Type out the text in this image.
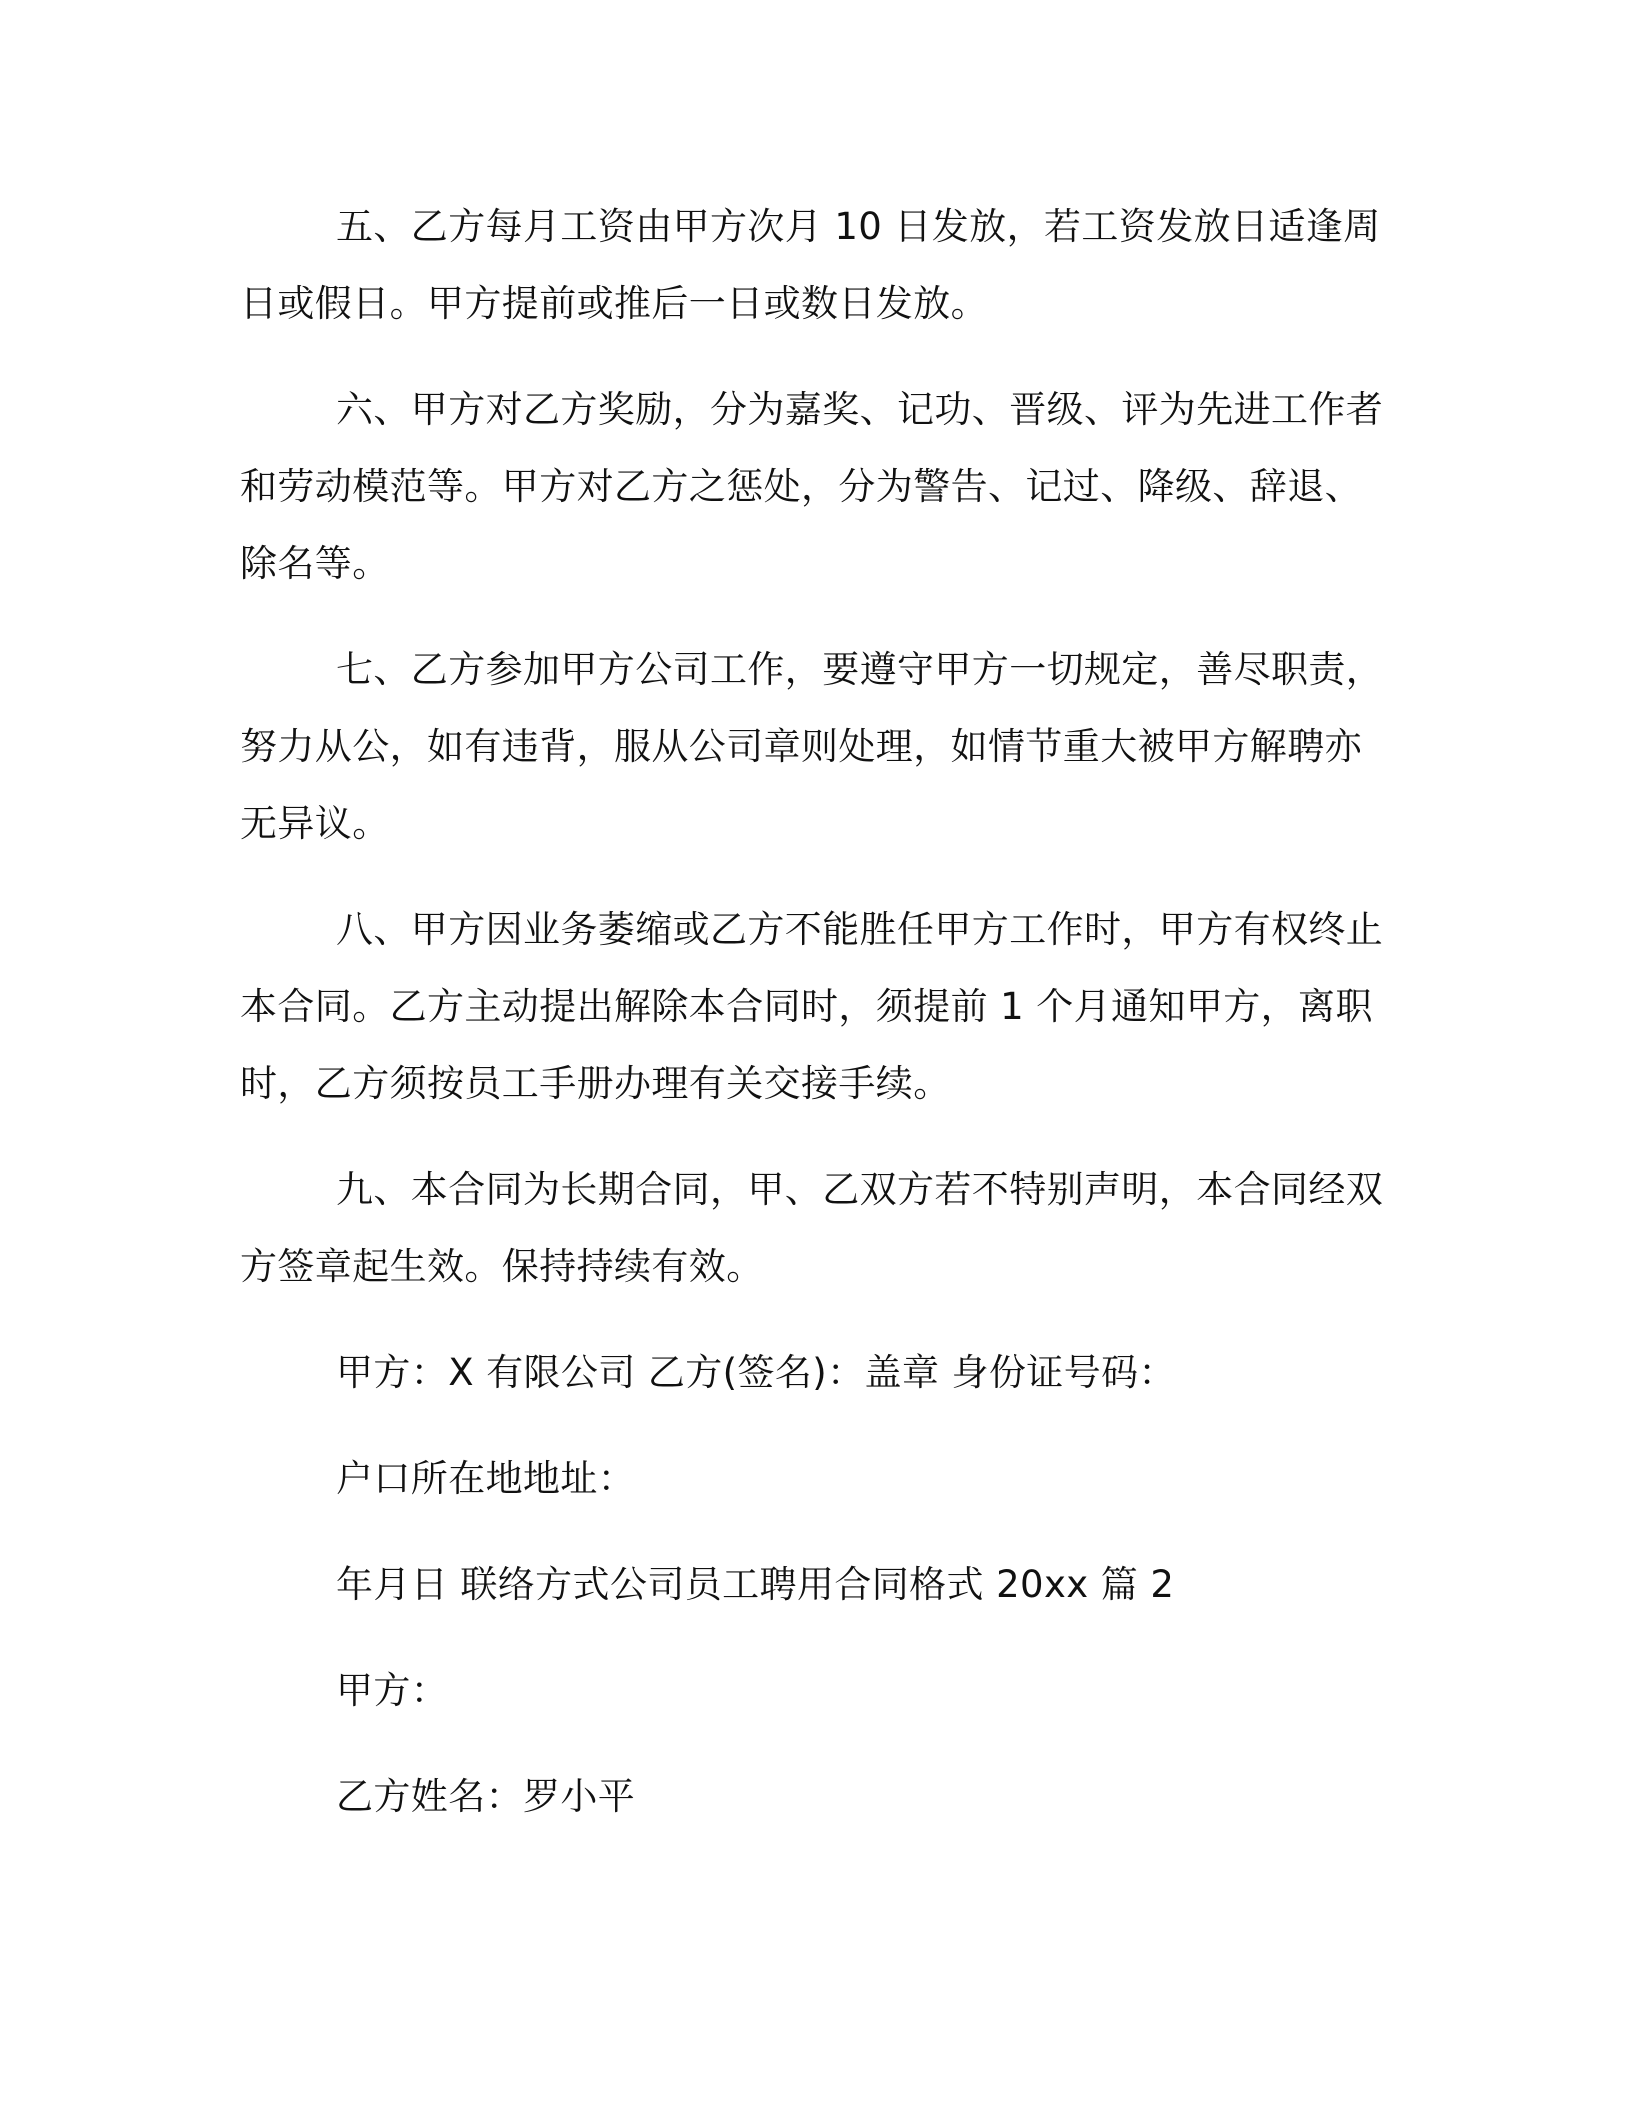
五、乙方每月工资由甲方次月 10 日发放，若工资发放日适逢周日或假日。甲方提前或推后一日或数日发放。

六、甲方对乙方奖励，分为嘉奖、记功、晋级、评为先进工作者和劳动模范等。甲方对乙方之惩处，分为警告、记过、降级、辞退、除名等。

七、乙方参加甲方公司工作，要遵守甲方一切规定，善尽职责，努力从公，如有违背，服从公司章则处理，如情节重大被甲方解聘亦无异议。

八、甲方因业务萎缩或乙方不能胜任甲方工作时，甲方有权终止本合同。乙方主动提出解除本合同时，须提前 1 个月通知甲方，离职时，乙方须按员工手册办理有关交接手续。

九、本合同为长期合同，甲、乙双方若不特别声明，本合同经双方签章起生效。保持持续有效。

甲方：X 有限公司 乙方(签名)：盖章 身份证号码：

户口所在地地址：

年月日 联络方式公司员工聘用合同格式 20xx 篇 2

甲方：

乙方姓名：罗小平
